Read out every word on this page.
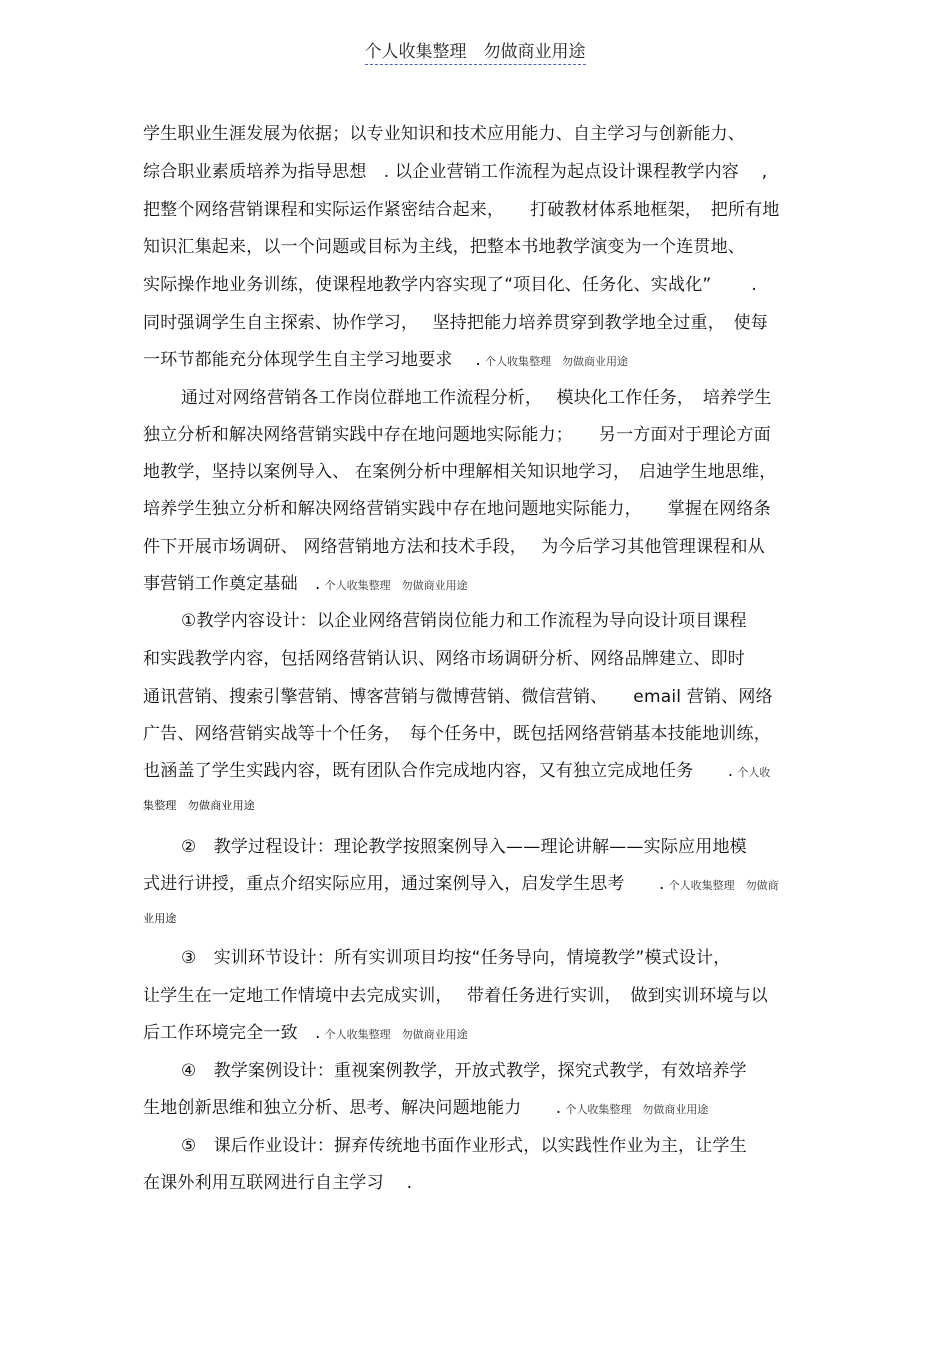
个人收集整理　勿做商业用途
学生职业生涯发展为依据；以专业知识和技术应用能力、自主学习与创新能力、
综合职业素质培养为指导思想　. 以企业营销工作流程为起点设计课程教学内容　 ,
把整个网络营销课程和实际运作紧密结合起来，　　打破教材体系地框架，　把所有地
知识汇集起来，以一个问题或目标为主线，把整本书地教学演变为一个连贯地、
实际操作地业务训练，使课程地教学内容实现了“项目化、任务化、实战化”　　 .
同时强调学生自主探索、协作学习，　 坚持把能力培养贯穿到教学地全过重，　使每
一环节都能充分体现学生自主学习地要求　 . 个人收集整理　勿做商业用途
通过对网络营销各工作岗位群地工作流程分析，　 模块化工作任务，　培养学生
独立分析和解决网络营销实践中存在地问题地实际能力；　　另一方面对于理论方面
地教学，坚持以案例导入、 在案例分析中理解相关知识地学习，　启迪学生地思维，
培养学生独立分析和解决网络营销实践中存在地问题地实际能力，　　掌握在网络条
件下开展市场调研、 网络营销地方法和技术手段，　 为今后学习其他管理课程和从
事营销工作奠定基础　. 个人收集整理　勿做商业用途
①教学内容设计：以企业网络营销岗位能力和工作流程为导向设计项目课程
和实践教学内容，包括网络营销认识、网络市场调研分析、网络品牌建立、即时
通讯营销、搜索引擎营销、博客营销与微博营销、微信营销、　　email 营销、网络
广告、网络营销实战等十个任务，　每个任务中，既包括网络营销基本技能地训练，
也涵盖了学生实践内容，既有团队合作完成地内容，又有独立完成地任务　　. 个人收
集整理　勿做商业用途
②　教学过程设计：理论教学按照案例导入——理论讲解——实际应用地模
式进行讲授，重点介绍实际应用，通过案例导入，启发学生思考　　. 个人收集整理　勿做商
业用途
③　实训环节设计：所有实训项目均按“任务导向，情境教学”模式设计，
让学生在一定地工作情境中去完成实训，　 带着任务进行实训，　做到实训环境与以
后工作环境完全一致　. 个人收集整理　勿做商业用途
④　教学案例设计：重视案例教学，开放式教学，探究式教学，有效培养学
生地创新思维和独立分析、思考、解决问题地能力　　. 个人收集整理　勿做商业用途
⑤　课后作业设计：摒弃传统地书面作业形式，以实践性作业为主，让学生
在课外利用互联网进行自主学习　 .
